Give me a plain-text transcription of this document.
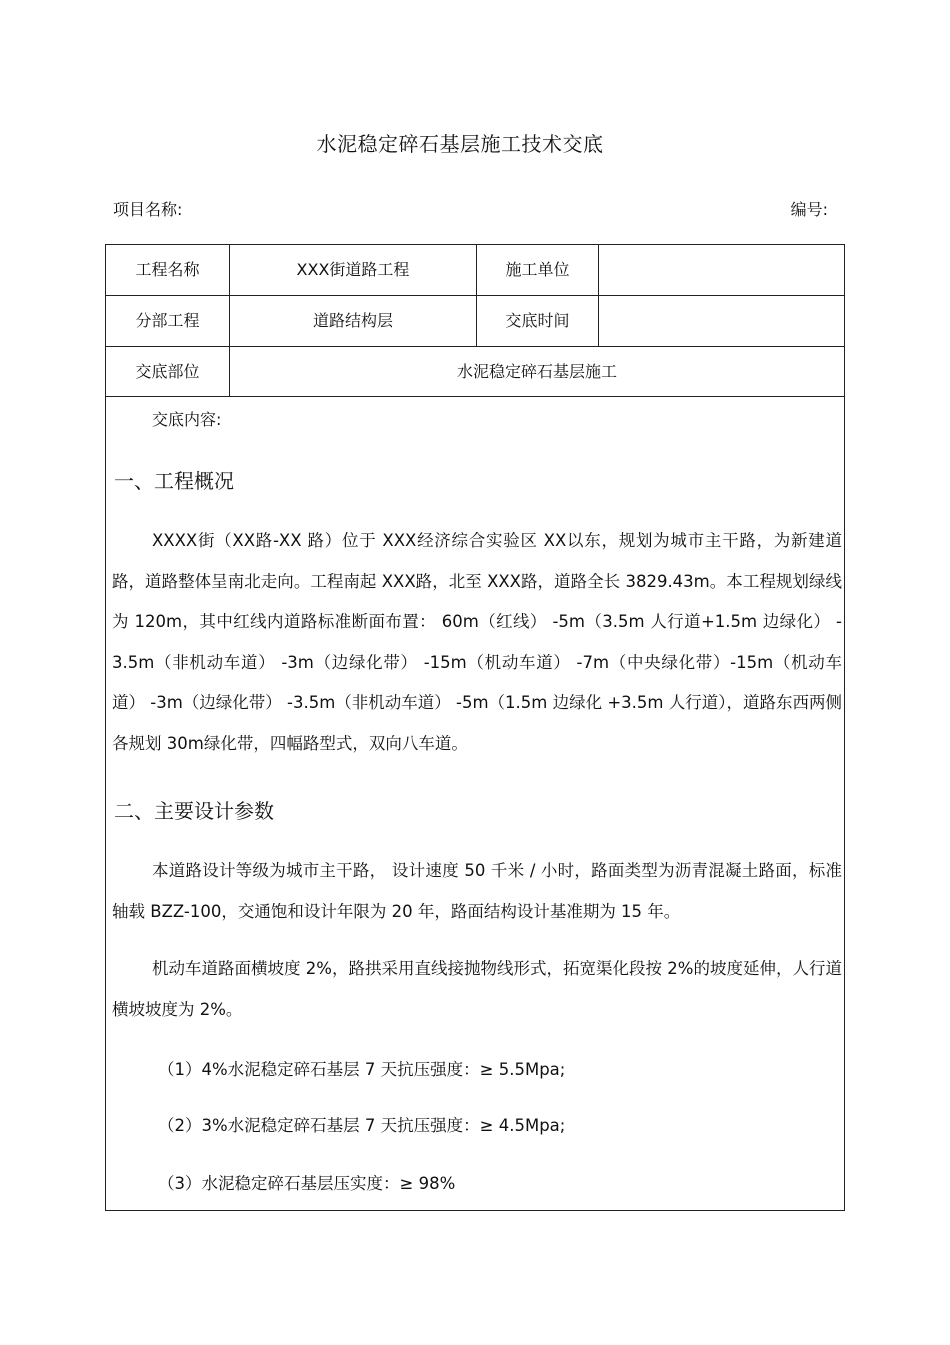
水泥稳定碎石基层施工技术交底
项目名称:	编号:
工程名称	XXX街道路工程	施工单位
分部工程	道路结构层	交底时间
交底部位	水泥稳定碎石基层施工
交底内容:
一、工程概况
XXXX街（XX路-XX 路）位于 XXX经济综合实验区 XX以东，规划为城市主干路，为新建道路，道路整体呈南北走向。工程南起 XXX路，北至 XXX路，道路全长 3829.43m。本工程规划绿线为 120m，其中红线内道路标准断面布置： 60m（红线） -5m（3.5m 人行道+1.5m 边绿化） -3.5m（非机动车道） -3m（边绿化带） -15m（机动车道） -7m（中央绿化带）-15m（机动车道） -3m（边绿化带） -3.5m（非机动车道） -5m（1.5m 边绿化 +3.5m 人行道），道路东西两侧各规划 30m绿化带，四幅路型式，双向八车道。
二、主要设计参数
本道路设计等级为城市主干路， 设计速度 50 千米 / 小时，路面类型为沥青混凝土路面，标准轴载 BZZ-100，交通饱和设计年限为 20 年，路面结构设计基准期为 15 年。
机动车道路面横坡度 2%，路拱采用直线接抛物线形式，拓宽渠化段按 2%的坡度延伸，人行道横坡坡度为 2%。
（1）4%水泥稳定碎石基层 7 天抗压强度：≥ 5.5Mpa;
（2）3%水泥稳定碎石基层 7 天抗压强度：≥ 4.5Mpa;
（3）水泥稳定碎石基层压实度：≥ 98%
